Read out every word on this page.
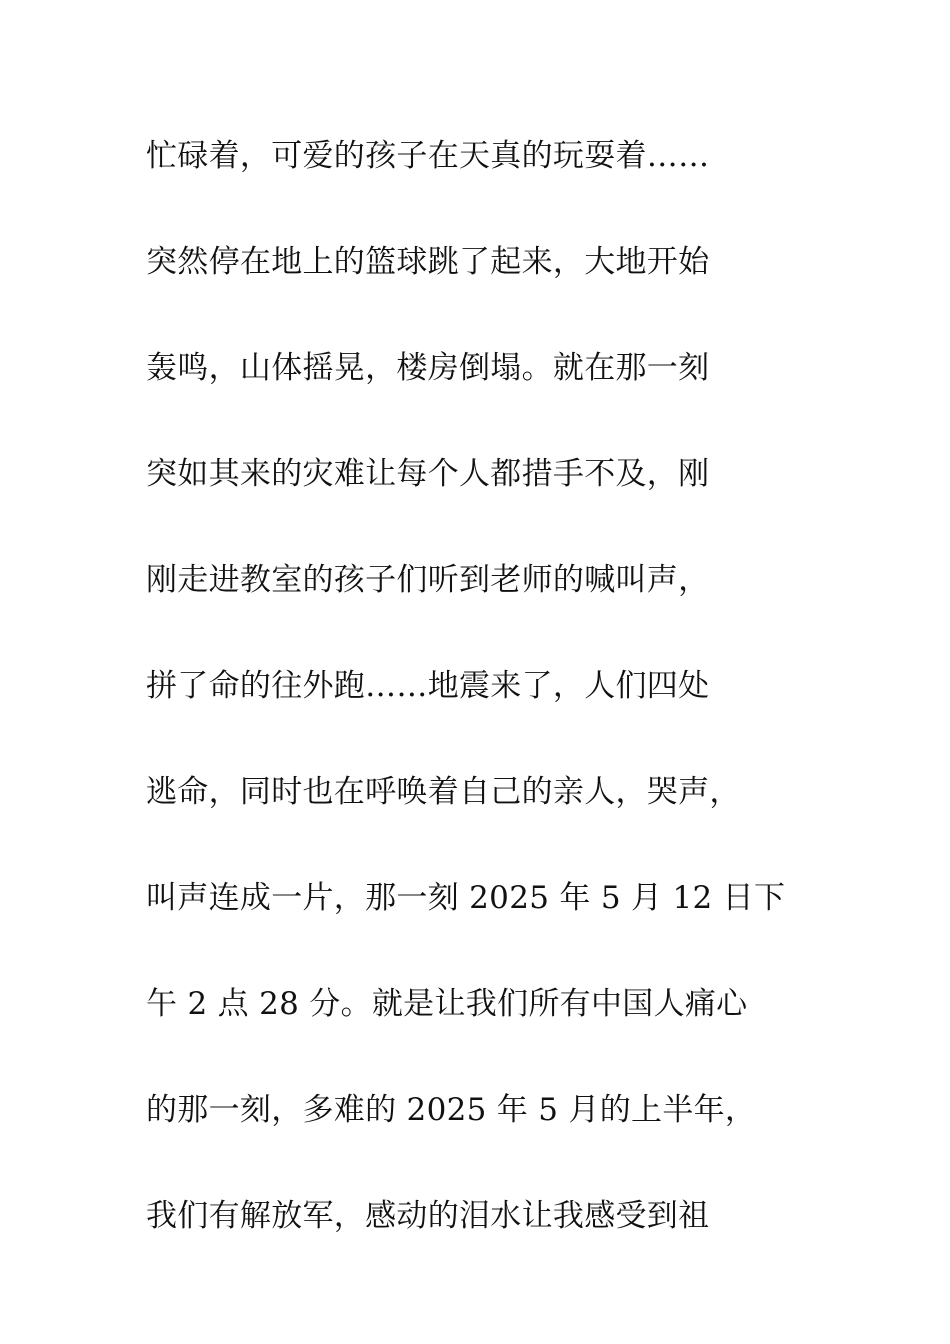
忙碌着，可爱的孩子在天真的玩耍着……
突然停在地上的篮球跳了起来，大地开始
轰鸣，山体摇晃，楼房倒塌。就在那一刻
突如其来的灾难让每个人都措手不及，刚
刚走进教室的孩子们听到老师的喊叫声，
拼了命的往外跑……地震来了，人们四处
逃命，同时也在呼唤着自己的亲人，哭声，
叫声连成一片，那一刻 2025 年 5 月 12 日下
午 2 点 28 分。就是让我们所有中国人痛心
的那一刻，多难的 2025 年 5 月的上半年，
我们有解放军，感动的泪水让我感受到祖
